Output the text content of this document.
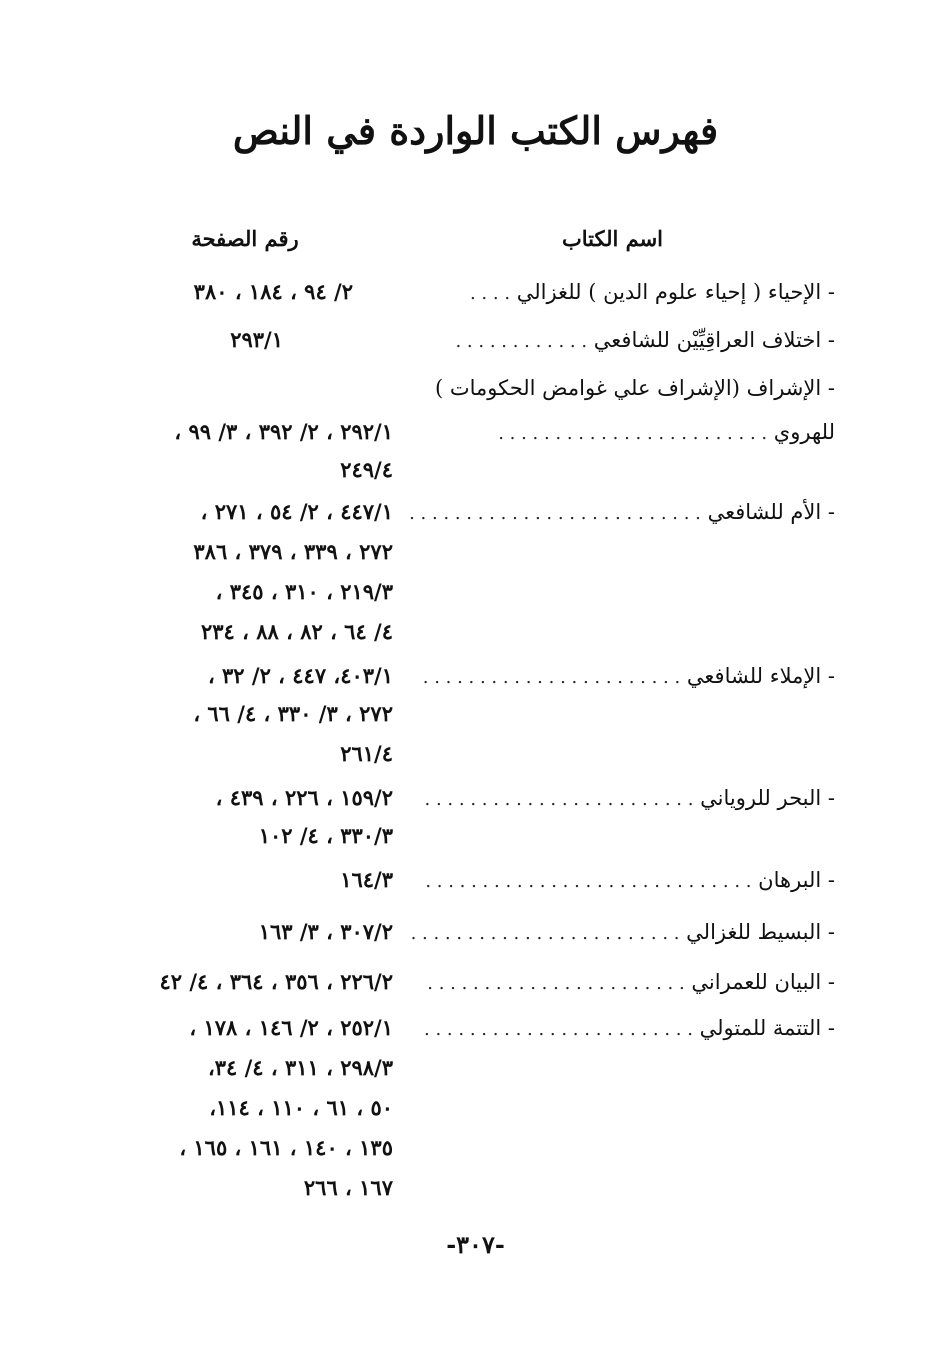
فهرس الكتب الواردة في النص
اسم الكتاب
رقم الصفحة
- الإحياء ( إحياء علوم الدين ) للغزالي . . . .
٢/ ٩٤ ، ١٨٤ ، ٣٨٠
- اختلاف العراقِيِّيْن للشافعي . . . . . . . . . . . .
٢٩٣/١
- الإشراف (الإشراف علي غوامض الحكومات )
للهروي . . . . . . . . . . . . . . . . . . . . . . . .
٢٩٢/١ ، ٢/ ٣٩٢ ، ٣/ ٩٩ ،
٢٤٩/٤
- الأم للشافعي . . . . . . . . . . . . . . . . . . . . . . . . . .
٤٤٧/١ ، ٢/ ٥٤ ، ٢٧١ ،
٢٧٢ ، ٣٣٩ ، ٣٧٩ ، ٣٨٦
٢١٩/٣ ، ٣١٠ ، ٣٤٥ ،
٤/ ٦٤ ، ٨٢ ، ٨٨ ، ٢٣٤
- الإملاء للشافعي . . . . . . . . . . . . . . . . . . . . . . .
٤٠٣/١، ٤٤٧ ، ٢/ ٣٢ ،
٢٧٢ ، ٣/ ٣٣٠ ، ٤/ ٦٦ ،
٢٦١/٤
- البحر للروياني . . . . . . . . . . . . . . . . . . . . . . . .
١٥٩/٢ ، ٢٢٦ ، ٤٣٩ ،
٣٣٠/٣ ، ٤/ ١٠٢
- البرهان . . . . . . . . . . . . . . . . . . . . . . . . . . . . .
١٦٤/٣
- البسيط للغزالي . . . . . . . . . . . . . . . . . . . . . . . .
٣٠٧/٢ ، ٣/ ١٦٣
- البيان للعمراني . . . . . . . . . . . . . . . . . . . . . . .
٢٢٦/٢ ، ٣٥٦ ، ٣٦٤ ، ٤/ ٤٢
- التتمة للمتولي . . . . . . . . . . . . . . . . . . . . . . . .
٢٥٢/١ ، ٢/ ١٤٦ ، ١٧٨ ،
٢٩٨/٣ ، ٣١١ ، ٤/ ٣٤،
٥٠ ، ٦١ ، ١١٠ ، ١١٤،
١٣٥ ، ١٤٠ ، ١٦١ ، ١٦٥ ،
١٦٧ ، ٢٦٦
-٣٠٧-
